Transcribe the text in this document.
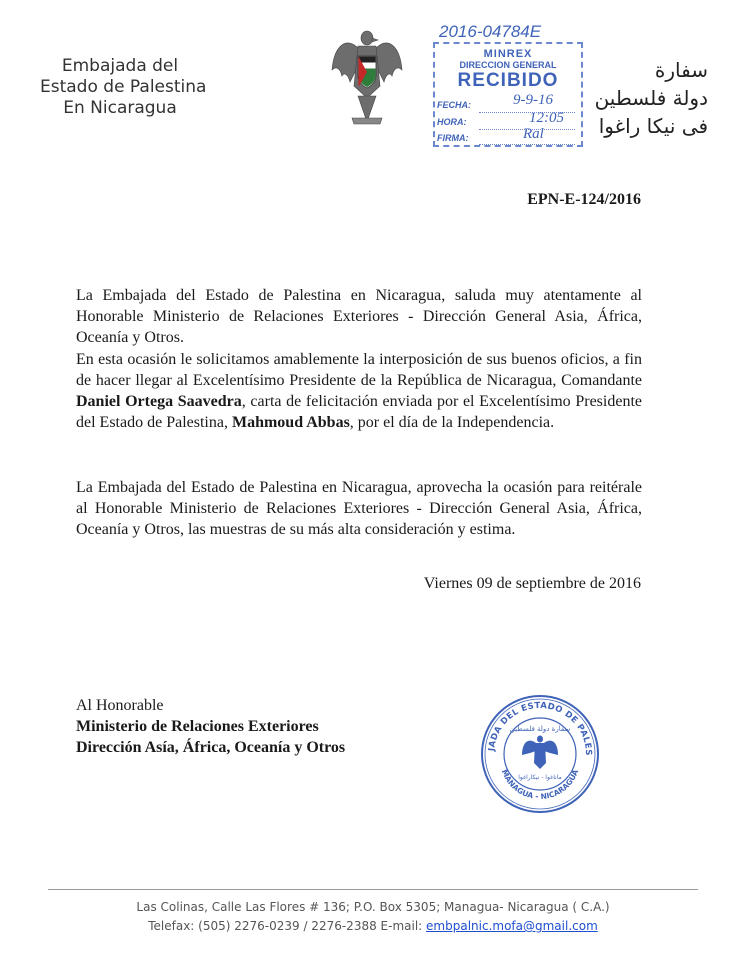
Embajada del
Estado de Palestina
En Nicaragua
2016-04784E
MINREX
DIRECCION GENERAL
RECIBIDO
FECHA:	9-9-16
HORA:	12:05
FIRMA:	Ral
سفارة
دولة فلسطين
فى نيكا راغوا
EPN-E-124/2016
La Embajada del Estado de Palestina en Nicaragua, saluda muy atentamente al Honorable Ministerio de Relaciones Exteriores - Dirección General Asia, África, Oceanía y Otros.
En esta ocasión le solicitamos amablemente la interposición de sus buenos oficios, a fin de hacer llegar al Excelentísimo Presidente de la República de Nicaragua, Comandante Daniel Ortega Saavedra, carta de felicitación enviada por el Excelentísimo Presidente del Estado de Palestina, Mahmoud Abbas, por el día de la Independencia.
La Embajada del Estado de Palestina en Nicaragua, aprovecha la ocasión para reitérale al Honorable Ministerio de Relaciones Exteriores - Dirección General Asia, África, Oceanía y Otros, las muestras de su más alta consideración y estima.
Viernes 09 de septiembre de 2016
Al Honorable
Ministerio de Relaciones Exteriores
Dirección Asía, África, Oceanía y Otros	JADA DEL ESTADO DE PALES
MANAGUA - NICARAGUA
سفارة دولة فلسطين
ماناغوا - نيكاراغوا
Las Colinas, Calle Las Flores # 136; P.O. Box 5305; Managua- Nicaragua ( C.A.)
Telefax: (505) 2276-0239 / 2276-2388 E-mail: embpalnic.mofa@gmail.com
